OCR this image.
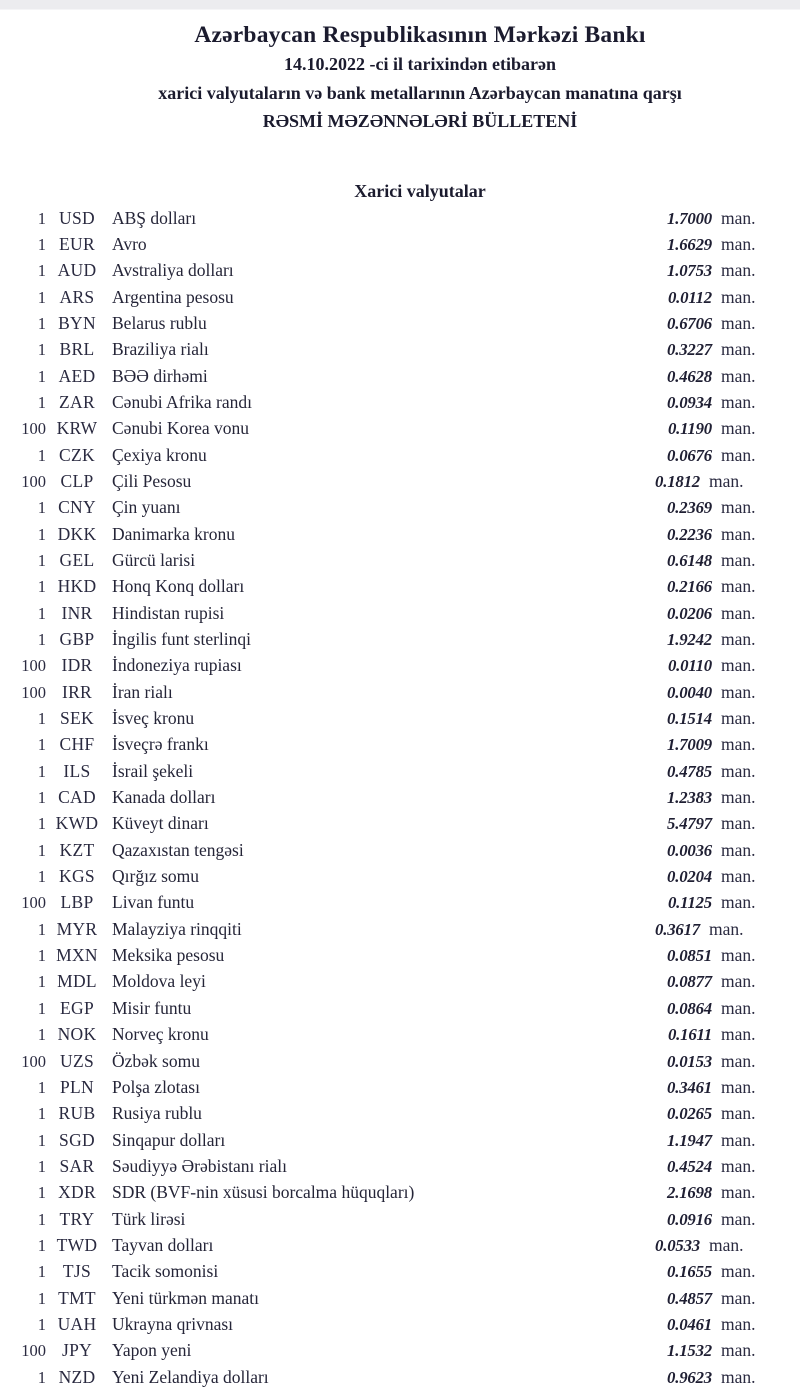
Azərbaycan Respublikasının Mərkəzi Bankı
14.10.2022 -ci il tarixindən etibarən
xarici valyutaların və bank metallarının Azərbaycan manatına qarşı
RƏSMİ MƏZƏNNƏLƏRİ BÜLLETENİ
Xarici valyutalar
1 USD ABŞ dolları	1.7000 man.
1 EUR Avro	1.6629 man.
1 AUD Avstraliya dolları	1.0753 man.
1 ARS	Argentina pesosu	0.0112 man.
1 BYN Belarus rublu	0.6706 man.
1 BRL	Braziliya rialı	0.3227 man.
1 AED BƏƏ dirhəmi	0.4628 man.
1 ZAR Cənubi Afrika randı	0.0934 man.
100 KRW Cənubi Korea vonu	0.1190 man.
1 CZK Çexiya kronu	0.0676 man.
100 CLP	Çili Pesosu	0.1812 man.
1 CNY Çin yuanı	0.2369 man.
1 DKK Danimarka kronu	0.2236 man.
1 GEL	Gürcü larisi	0.6148 man.
1 HKD Honq Konq dolları	0.2166 man.
1 INR	Hindistan rupisi	0.0206 man.
1 GBP	İngilis funt sterlinqi	1.9242 man.
100 IDR	İndoneziya rupiası	0.0110 man.
100 IRR	İran rialı	0.0040 man.
1 SEK	İsveç kronu	0.1514 man.
1 CHF	İsveçrə frankı	1.7009 man.
1 ILS	İsrail şekeli	0.4785 man.
1 CAD Kanada dolları	1.2383 man.
1 KWD Küveyt dinarı	5.4797 man.
1 KZT	Qazaxıstan tengəsi	0.0036 man.
1 KGS Qırğız somu	0.0204 man.
100 LBP	Livan funtu	0.1125 man.
1 MYR Malayziya rinqqiti	0.3617 man.
1 MXN Meksika pesosu	0.0851 man.
1 MDL Moldova leyi	0.0877 man.
1 EGP	Misir funtu	0.0864 man.
1 NOK Norveç kronu	0.1611 man.
100 UZS	Özbək somu	0.0153 man.
1 PLN	Polşa zlotası	0.3461 man.
1 RUB Rusiya rublu	0.0265 man.
1 SGD Sinqapur dolları	1.1947 man.
1 SAR	Səudiyyə Ərəbistanı rialı	0.4524 man.
1 XDR SDR (BVF-nin xüsusi borcalma hüquqları)	2.1698 man.
1 TRY	Türk lirəsi	0.0916 man.
1 TWD Tayvan dolları	0.0533 man.
1 TJS	Tacik somonisi	0.1655 man.
1 TMT Yeni türkmən manatı	0.4857 man.
1 UAH Ukrayna qrivnası	0.0461 man.
100 JPY	Yapon yeni	1.1532 man.
1 NZD Yeni Zelandiya dolları	0.9623 man.
